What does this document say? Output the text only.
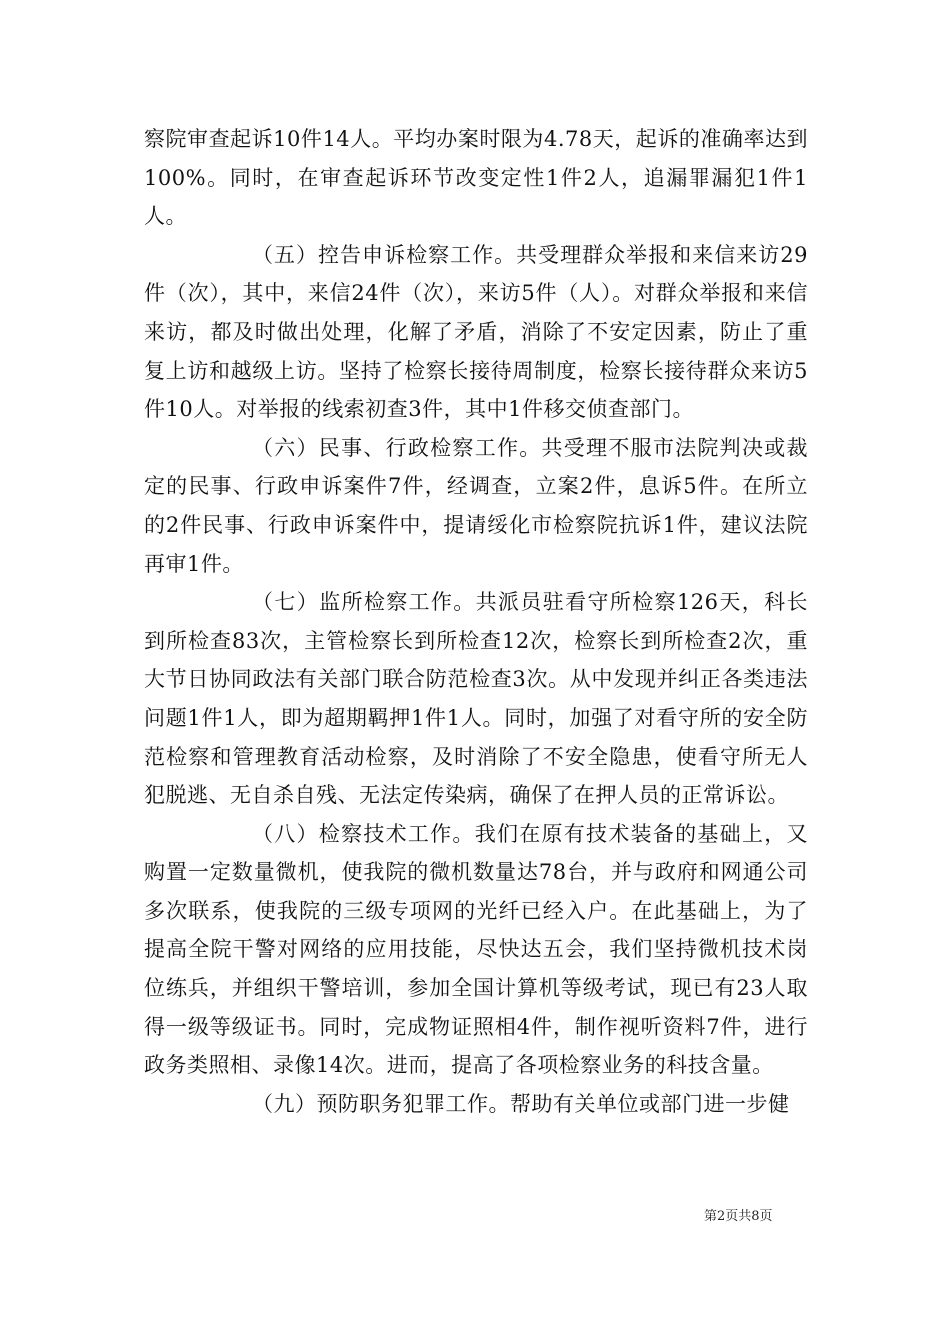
察院审查起诉10件14人。平均办案时限为4.78天，起诉的准确率达到100%。同时，在审查起诉环节改变定性1件2人，追漏罪漏犯1件1人。

（五）控告申诉检察工作。共受理群众举报和来信来访29件（次），其中，来信24件（次），来访5件（人）。对群众举报和来信来访，都及时做出处理，化解了矛盾，消除了不安定因素，防止了重复上访和越级上访。坚持了检察长接待周制度，检察长接待群众来访5件10人。对举报的线索初查3件，其中1件移交侦查部门。

（六）民事、行政检察工作。共受理不服市法院判决或裁定的民事、行政申诉案件7件，经调查，立案2件，息诉5件。在所立的2件民事、行政申诉案件中，提请绥化市检察院抗诉1件，建议法院再审1件。

（七）监所检察工作。共派员驻看守所检察126天，科长到所检查83次，主管检察长到所检查12次，检察长到所检查2次，重大节日协同政法有关部门联合防范检查3次。从中发现并纠正各类违法问题1件1人，即为超期羁押1件1人。同时，加强了对看守所的安全防范检察和管理教育活动检察，及时消除了不安全隐患，使看守所无人犯脱逃、无自杀自残、无法定传染病，确保了在押人员的正常诉讼。

（八）检察技术工作。我们在原有技术装备的基础上，又购置一定数量微机，使我院的微机数量达78台，并与政府和网通公司多次联系，使我院的三级专项网的光纤已经入户。在此基础上，为了提高全院干警对网络的应用技能，尽快达五会，我们坚持微机技术岗位练兵，并组织干警培训，参加全国计算机等级考试，现已有23人取得一级等级证书。同时，完成物证照相4件，制作视听资料7件，进行政务类照相、录像14次。进而，提高了各项检察业务的科技含量。

（九）预防职务犯罪工作。帮助有关单位或部门进一步健

第2页共8页
